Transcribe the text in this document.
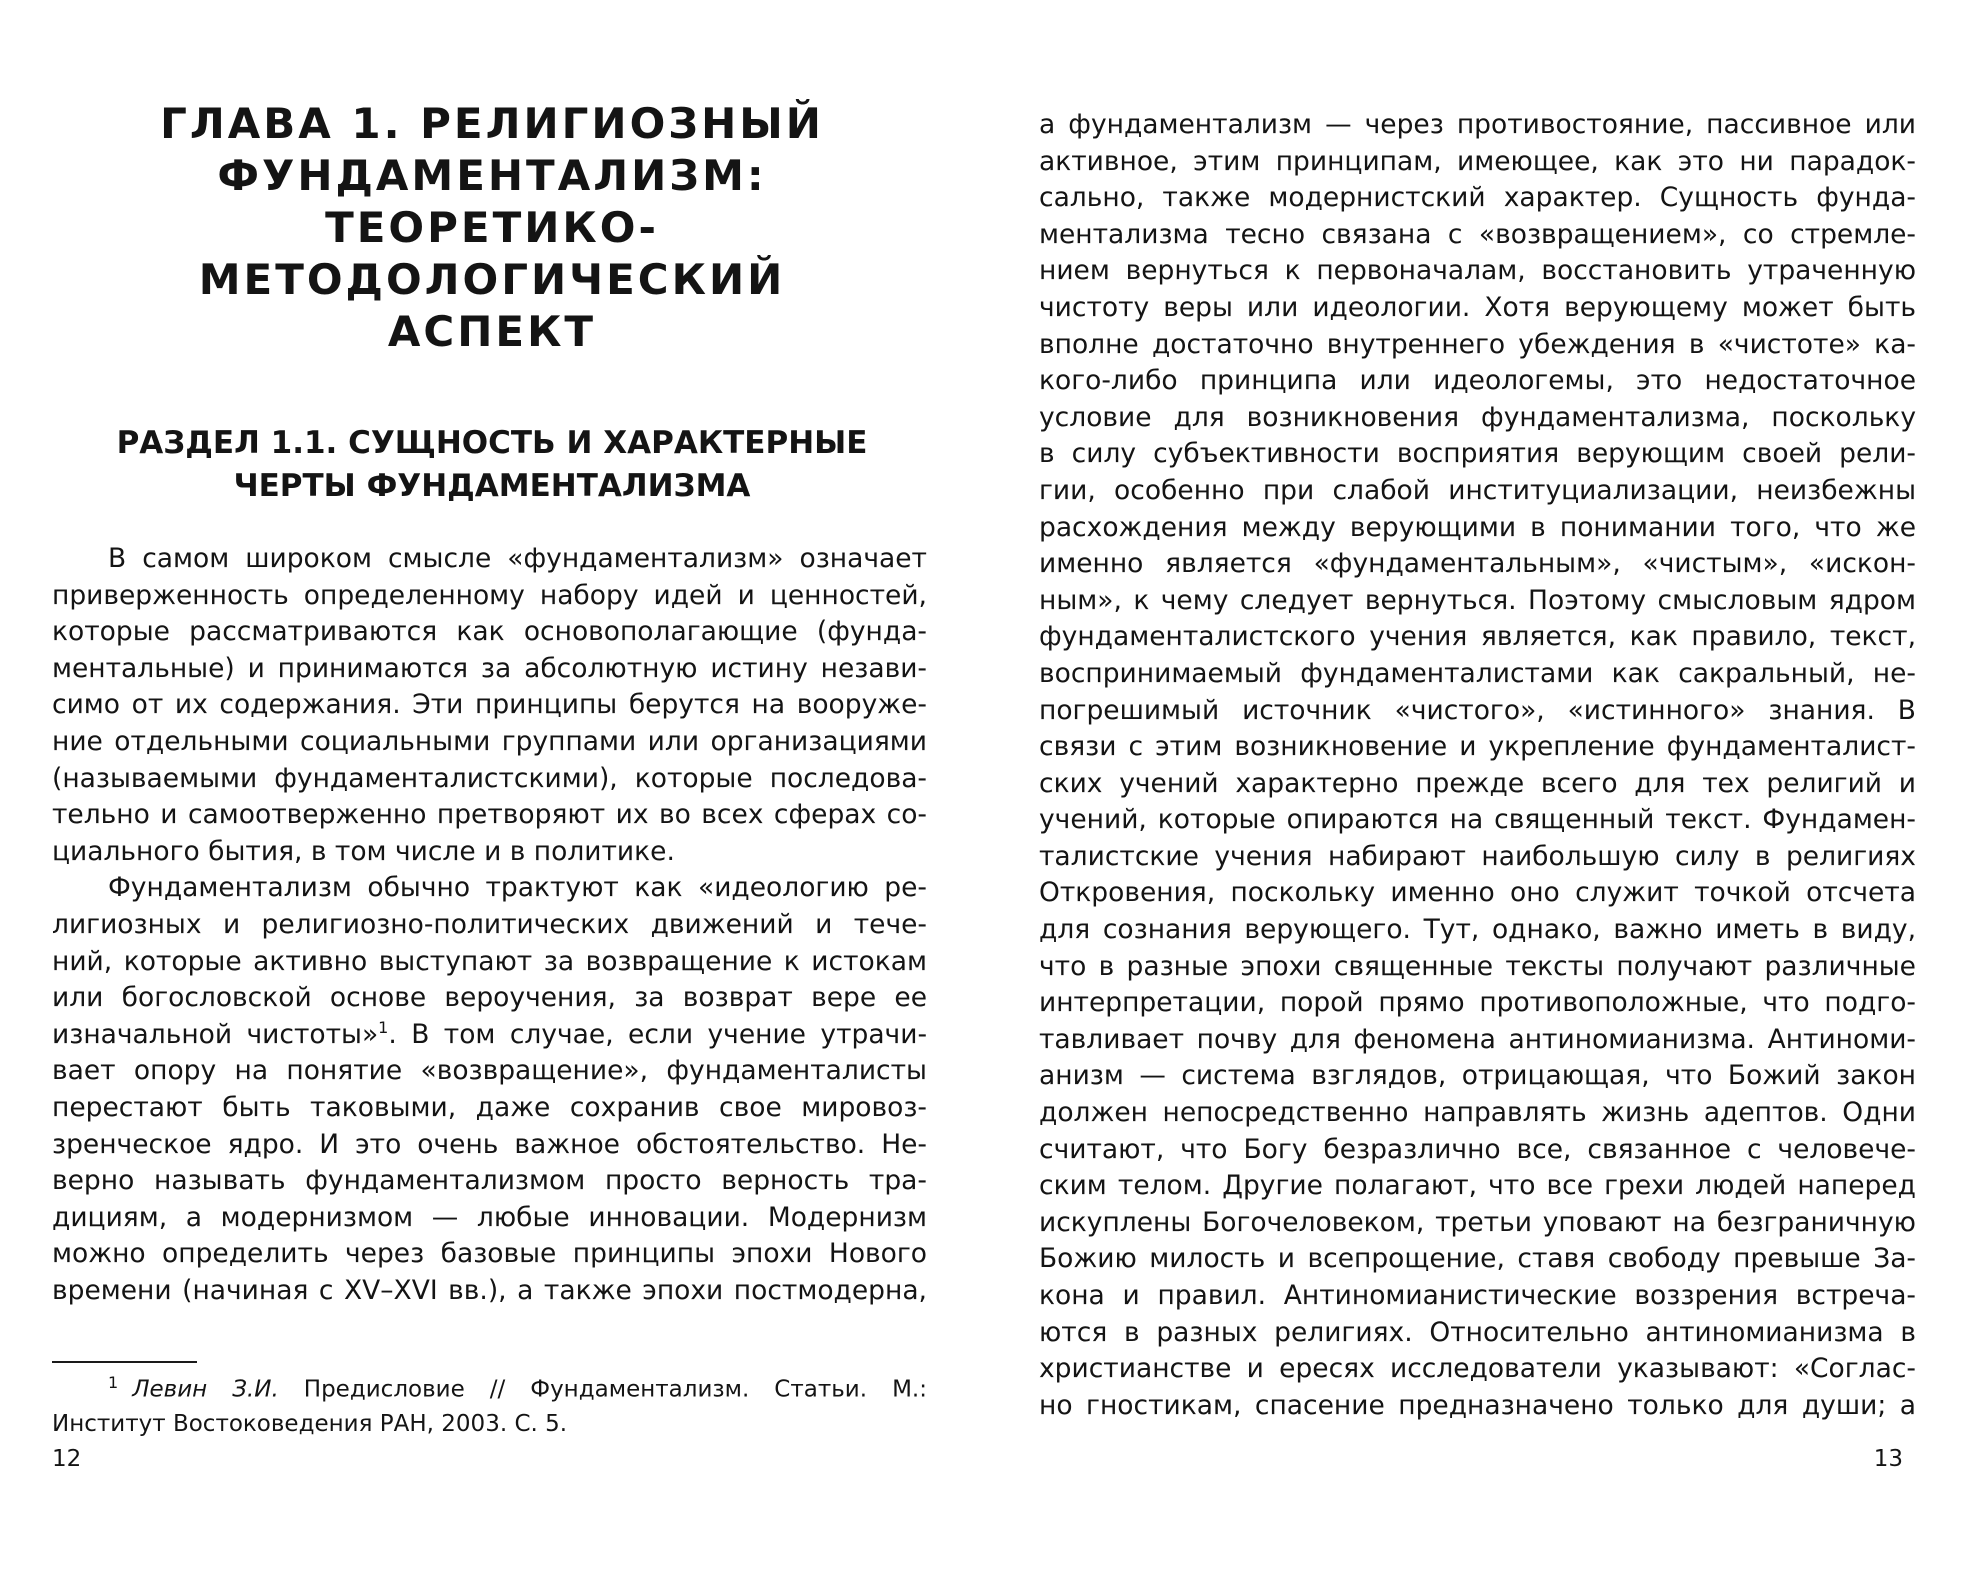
ГЛАВА 1. РЕЛИГИОЗНЫЙ
ФУНДАМЕНТАЛИЗМ:
ТЕОРЕТИКО-МЕТОДОЛОГИЧЕСКИЙ
АСПЕКТ
РАЗДЕЛ 1.1. СУЩНОСТЬ И ХАРАКТЕРНЫЕ
ЧЕРТЫ ФУНДАМЕНТАЛИЗМА
В самом широком смысле «фундаментализм» означает
приверженность определенному набору идей и ценностей,
которые рассматриваются как основополагающие (фунда-
ментальные) и принимаются за абсолютную истину незави-
симо от их содержания. Эти принципы берутся на вооруже-
ние отдельными социальными группами или организациями
(называемыми фундаменталистскими), которые последова-
тельно и самоотверженно претворяют их во всех сферах со-
циального бытия, в том числе и в политике.
Фундаментализм обычно трактуют как «идеологию ре-
лигиозных и религиозно-политических движений и тече-
ний, которые активно выступают за возвращение к истокам
или богословской основе вероучения, за возврат вере ее
изначальной чистоты»$^1$. В том случае, если учение утрачи-
вает опору на понятие «возвращение», фундаменталисты
перестают быть таковыми, даже сохранив свое мировоз-
зренческое ядро. И это очень важное обстоятельство. Не-
верно называть фундаментализмом просто верность тра-
дициям, а модернизмом — любые инновации. Модернизм
можно определить через базовые принципы эпохи Нового
времени (начиная с XV–XVI вв.), а также эпохи постмодерна,
$^1$ Левин З.И. Предисловие // Фундаментализм. Статьи. М.:
Институт Востоковедения РАН, 2003. С. 5.
12
а фундаментализм — через противостояние, пассивное или
активное, этим принципам, имеющее, как это ни парадок-
сально, также модернистский характер. Сущность фунда-
ментализма тесно связана с «возвращением», со стремле-
нием вернуться к первоначалам, восстановить утраченную
чистоту веры или идеологии. Хотя верующему может быть
вполне достаточно внутреннего убеждения в «чистоте» ка-
кого-либо принципа или идеологемы, это недостаточное
условие для возникновения фундаментализма, поскольку
в силу субъективности восприятия верующим своей рели-
гии, особенно при слабой институциализации, неизбежны
расхождения между верующими в понимании того, что же
именно является «фундаментальным», «чистым», «искон-
ным», к чему следует вернуться. Поэтому смысловым ядром
фундаменталистского учения является, как правило, текст,
воспринимаемый фундаменталистами как сакральный, не-
погрешимый источник «чистого», «истинного» знания. В
связи с этим возникновение и укрепление фундаменталист-
ских учений характерно прежде всего для тех религий и
учений, которые опираются на священный текст. Фундамен-
талистские учения набирают наибольшую силу в религиях
Откровения, поскольку именно оно служит точкой отсчета
для сознания верующего. Тут, однако, важно иметь в виду,
что в разные эпохи священные тексты получают различные
интерпретации, порой прямо противоположные, что подго-
тавливает почву для феномена антиномианизма. Антиноми-
анизм — система взглядов, отрицающая, что Божий закон
должен непосредственно направлять жизнь адептов. Одни
считают, что Богу безразлично все, связанное с человече-
ским телом. Другие полагают, что все грехи людей наперед
искуплены Богочеловеком, третьи уповают на безграничную
Божию милость и всепрощение, ставя свободу превыше За-
кона и правил. Антиномианистические воззрения встреча-
ются в разных религиях. Относительно антиномианизма в
христианстве и ересях исследователи указывают: «Соглас-
но гностикам, спасение предназначено только для души; а
13
